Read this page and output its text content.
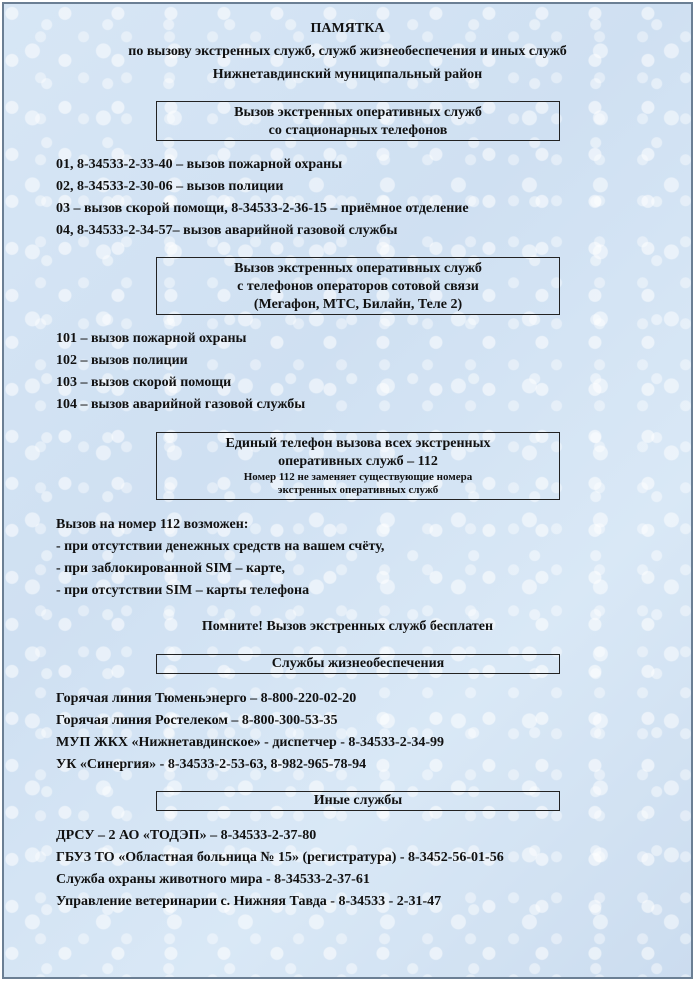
ПАМЯТКА
по вызову экстренных служб, служб жизнеобеспечения и иных служб
Нижнетавдинский муниципальный район
Вызов экстренных оперативных служб
со стационарных телефонов
01, 8-34533-2-33-40 – вызов пожарной охраны
02, 8-34533-2-30-06 – вызов полиции
03 – вызов скорой помощи, 8-34533-2-36-15 – приёмное отделение
04, 8-34533-2-34-57– вызов аварийной газовой службы
Вызов экстренных оперативных служб
с телефонов операторов сотовой связи
(Мегафон, МТС, Билайн, Теле 2)
101 – вызов пожарной охраны
102 – вызов полиции
103 – вызов скорой помощи
104 – вызов аварийной газовой службы
Единый телефон вызова всех экстренных
оперативных служб – 112
Номер 112 не заменяет существующие номера
экстренных оперативных служб
Вызов на номер 112 возможен:
- при отсутствии денежных средств на вашем счёту,
- при заблокированной SIM – карте,
- при отсутствии SIM – карты телефона
Помните! Вызов экстренных служб бесплатен
Службы жизнеобеспечения
Горячая линия Тюменьэнерго – 8-800-220-02-20
Горячая линия Ростелеком – 8-800-300-53-35
МУП ЖКХ «Нижнетавдинское» - диспетчер - 8-34533-2-34-99
УК «Синергия» - 8-34533-2-53-63, 8-982-965-78-94
Иные службы
ДРСУ – 2 АО «ТОДЭП» – 8-34533-2-37-80
ГБУЗ ТО «Областная больница № 15» (регистратура) - 8-3452-56-01-56
Служба охраны животного мира - 8-34533-2-37-61
Управление ветеринарии с. Нижняя Тавда - 8-34533 - 2-31-47
